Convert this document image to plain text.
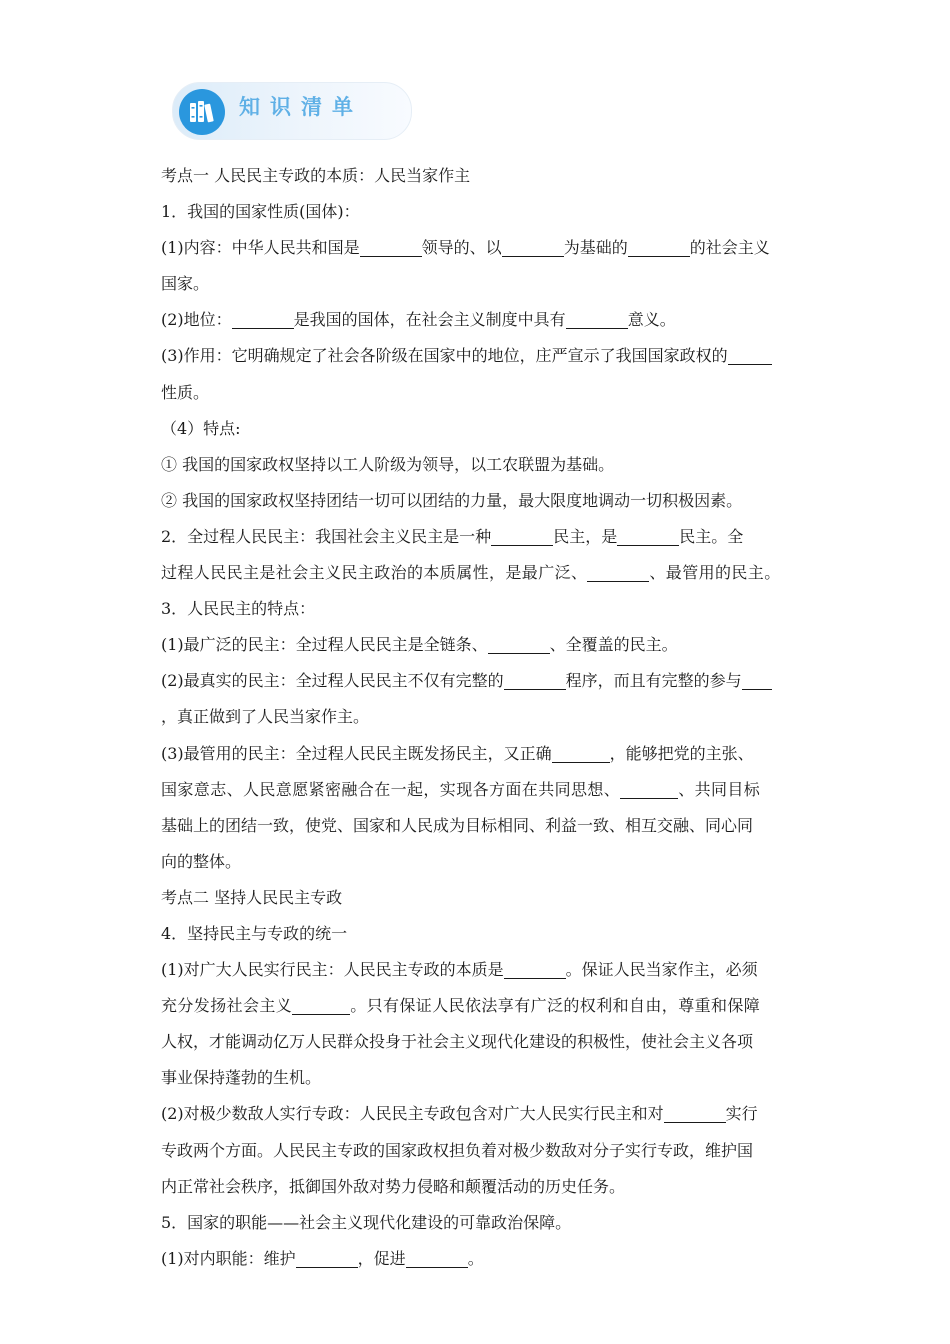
知识清单
考点一 人民民主专政的本质：人民当家作主
1．我国的国家性质(国体)：
(1)内容：中华人民共和国是	领导的、以	为基础的	的社会主义
国家。
(2)地位：	是我国的国体，在社会主义制度中具有	意义。
(3)作用：它明确规定了社会各阶级在国家中的地位，庄严宣示了我国国家政权的
性质。
（4）特点:
① 我国的国家政权坚持以工人阶级为领导，以工农联盟为基础。
② 我国的国家政权坚持团结一切可以团结的力量，最大限度地调动一切积极因素。
2．全过程人民民主：我国社会主义民主是一种	民主，是	民主。全
过程人民民主是社会主义民主政治的本质属性，是最广泛、	、最管用的民主。
3．人民民主的特点：
(1)最广泛的民主：全过程人民民主是全链条、	、全覆盖的民主。
(2)最真实的民主：全过程人民民主不仅有完整的	程序，而且有完整的参与
，真正做到了人民当家作主。
(3)最管用的民主：全过程人民民主既发扬民主，又正确	，能够把党的主张、
国家意志、人民意愿紧密融合在一起，实现各方面在共同思想、	、共同目标
基础上的团结一致，使党、国家和人民成为目标相同、利益一致、相互交融、同心同
向的整体。
考点二 坚持人民民主专政
4．坚持民主与专政的统一
(1)对广大人民实行民主：人民民主专政的本质是	。保证人民当家作主，必须
充分发扬社会主义	。只有保证人民依法享有广泛的权利和自由，尊重和保障
人权，才能调动亿万人民群众投身于社会主义现代化建设的积极性，使社会主义各项
事业保持蓬勃的生机。
(2)对极少数敌人实行专政：人民民主专政包含对广大人民实行民主和对	实行
专政两个方面。人民民主专政的国家政权担负着对极少数敌对分子实行专政，维护国
内正常社会秩序，抵御国外敌对势力侵略和颠覆活动的历史任务。
5．国家的职能——社会主义现代化建设的可靠政治保障。
(1)对内职能：维护	，促进	。
